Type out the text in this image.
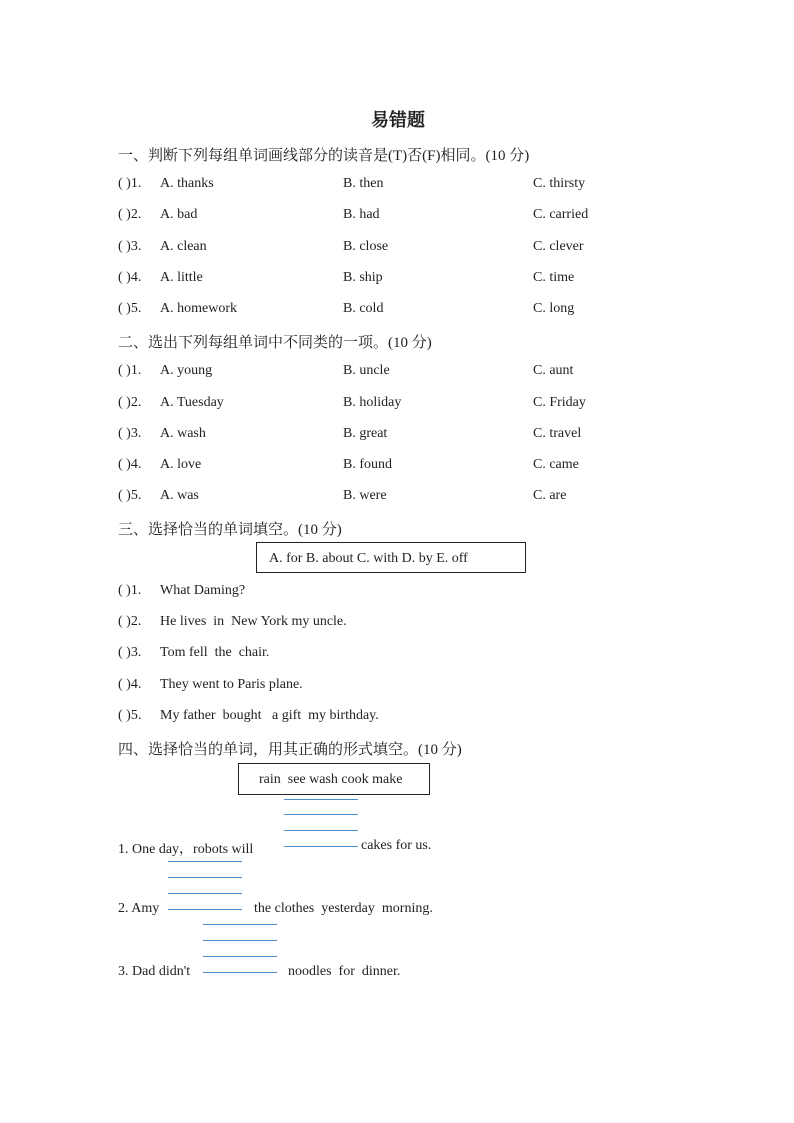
易错题
一、判断下列每组单词画线部分的读音是(T)否(F)相同。(10 分)
( )1. A. thanks	B. then	C. thirsty
( )2. A. bad	B. had	C. carried
( )3. A. clean	B. close	C. clever
( )4. A. little	B. ship	C. time
( )5. A. homework	B. cold	C. long
二、选出下列每组单词中不同类的一项。(10 分)
( )1. A. young	B. uncle	C. aunt
( )2. A. Tuesday	B. holiday	C. Friday
( )3. A. wash	B. great	C. travel
( )4. A. love	B. found	C. came
( )5. A. was	B. were	C. are
三、选择恰当的单词填空。(10 分)
A. for B. about C. with D. by E. off
( )1. What Daming?
( )2. He lives  in  New York my uncle.
( )3. Tom fell  the  chair.
( )4. They went to Paris plane.
( )5. My father  bought   a gift  my birthday.
四、选择恰当的单词，用其正确的形式填空。(10 分)
rain  see wash cook make
1. One day，robots will	cakes for us.
2. Amy	the clothes  yesterday  morning.
3. Dad didn't	noodles  for  dinner.
